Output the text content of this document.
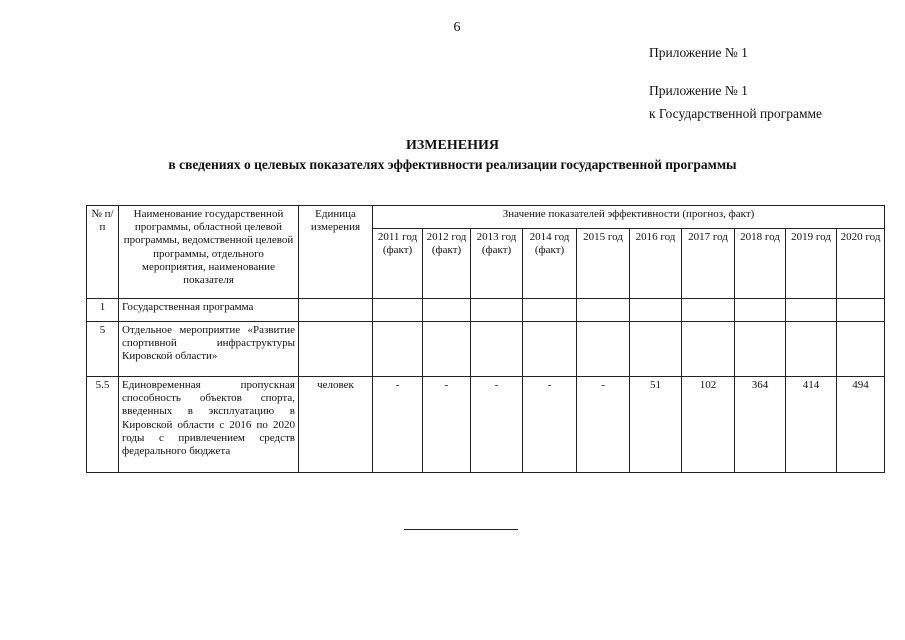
6
Приложение № 1
Приложение № 1
к Государственной программе
ИЗМЕНЕНИЯ
в сведениях о целевых показателях эффективности реализации государственной программы
№ п/п	Наименование государственной программы, областной целевой программы, ведомственной целевой программы, отдельного мероприятия, наименование показателя	Единица измерения	Значение показателей эффективности (прогноз, факт)									
			2011 год (факт)	2012 год (факт)	2013 год (факт)	2014 год (факт)	2015 год	2016 год	2017 год	2018 год	2019 год	2020 год
1	Государственная программа											
5	Отдельное мероприятие «Развитие спортивной инфраструктуры Кировской области»											
5.5	Единовременная пропускная способность объектов спорта, введенных в эксплуатацию в Кировской области с 2016 по 2020 годы с привлечением средств федерального бюджета	человек	-	-	-	-	-	51	102	364	414	494
